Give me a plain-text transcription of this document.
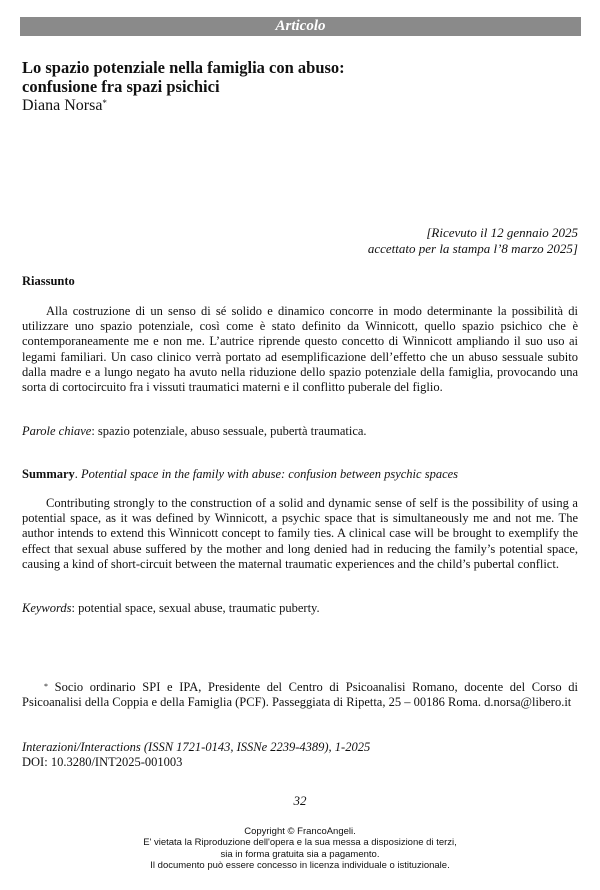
Articolo
Lo spazio potenziale nella famiglia con abuso:
confusione fra spazi psichici
Diana Norsa*
[Ricevuto il 12 gennaio 2025
accettato per la stampa l’8 marzo 2025]
Riassunto

Alla costruzione di un senso di sé solido e dinamico concorre in modo determinante la possibilità di utilizzare uno spazio potenziale, così come è stato definito da Winnicott, quello spazio psichico che è contemporaneamente me e non me. L’autrice riprende questo concetto di Winnicott ampliando il suo uso ai legami familiari. Un caso clinico verrà portato ad esemplificazione dell’effetto che un abuso sessuale subito dalla madre e a lungo negato ha avuto nella riduzione dello spazio potenziale della famiglia, provocando una sorta di cortocircuito fra i vissuti traumatici materni e il conflitto puberale del figlio.

Parole chiave: spazio potenziale, abuso sessuale, pubertà traumatica.
Summary. Potential space in the family with abuse: confusion between psychic spaces

Contributing strongly to the construction of a solid and dynamic sense of self is the possibility of using a potential space, as it was defined by Winnicott, a psychic space that is simultaneously me and not me. The author intends to extend this Winnicott concept to family ties. A clinical case will be brought to exemplify the effect that sexual abuse suffered by the mother and long denied had in reducing the family’s potential space, causing a kind of short-circuit between the maternal traumatic experiences and the child’s pubertal conflict.

Keywords: potential space, sexual abuse, traumatic puberty.

* Socio ordinario SPI e IPA, Presidente del Centro di Psicoanalisi Romano, docente del Corso di Psicoanalisi della Coppia e della Famiglia (PCF). Passeggiata di Ripetta, 25 – 00186 Roma. d.norsa@libero.it

Interazioni/Interactions (ISSN 1721-0143, ISSNe 2239-4389), 1-2025
DOI: 10.3280/INT2025-001003
32
Copyright © FrancoAngeli.
E' vietata la Riproduzione dell'opera e la sua messa a disposizione di terzi,
sia in forma gratuita sia a pagamento.
Il documento può essere concesso in licenza individuale o istituzionale.
